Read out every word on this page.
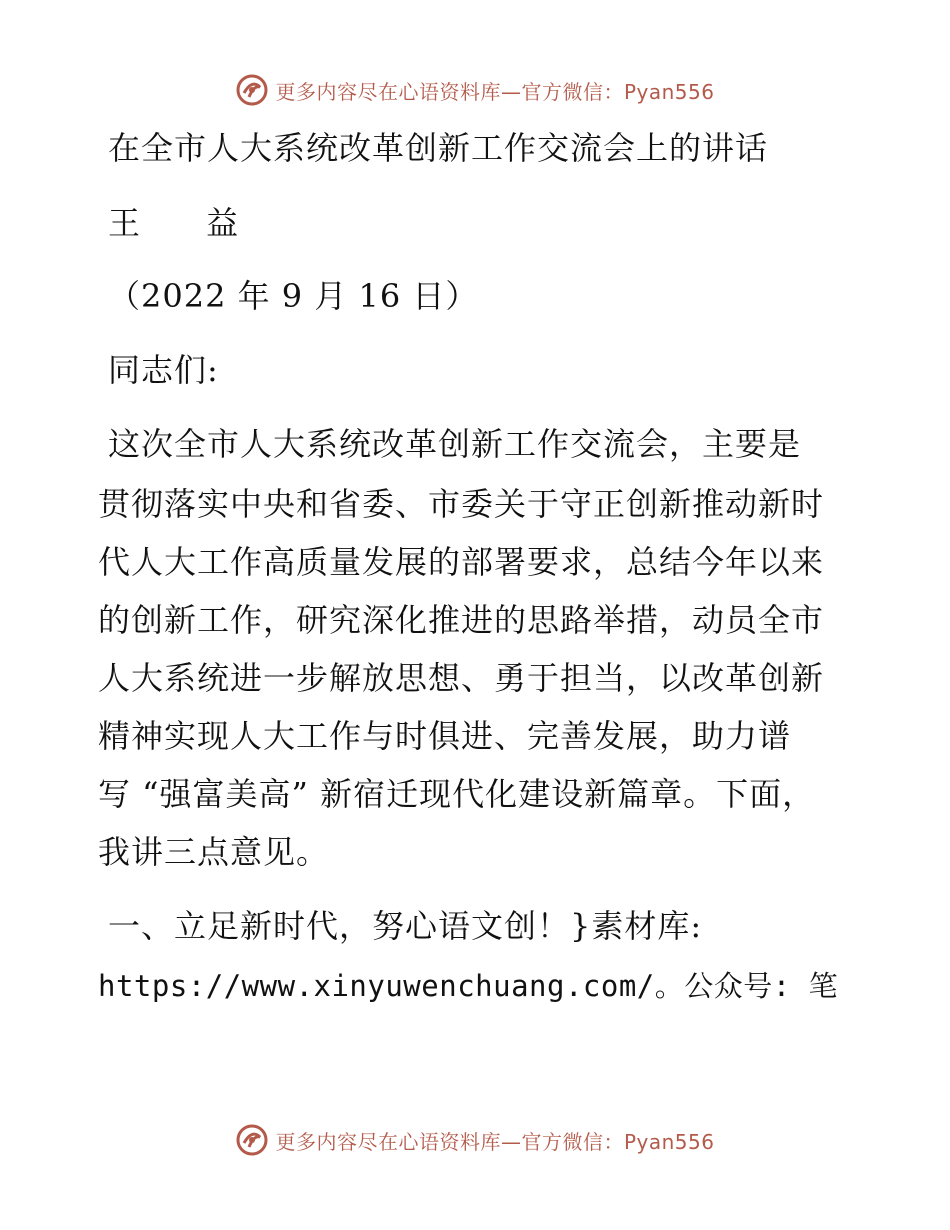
更多内容尽在心语资料库—官方微信：Pyan556
在全市人大系统改革创新工作交流会上的讲话
王 益
（2022 年 9 月 16 日）
同志们:
这次全市人大系统改革创新工作交流会，主要是
贯彻落实中央和省委、市委关于守正创新推动新时
代人大工作高质量发展的部署要求，总结今年以来
的创新工作，研究深化推进的思路举措，动员全市
人大系统进一步解放思想、勇于担当，以改革创新
精神实现人大工作与时俱进、完善发展，助力谱
写 “强富美高” 新宿迁现代化建设新篇章。下面，
我讲三点意见。
一、立足新时代，努心语文创！}素材库:
https://www.xinyuwenchuang.com/。公众号: 笔
更多内容尽在心语资料库—官方微信：Pyan556
